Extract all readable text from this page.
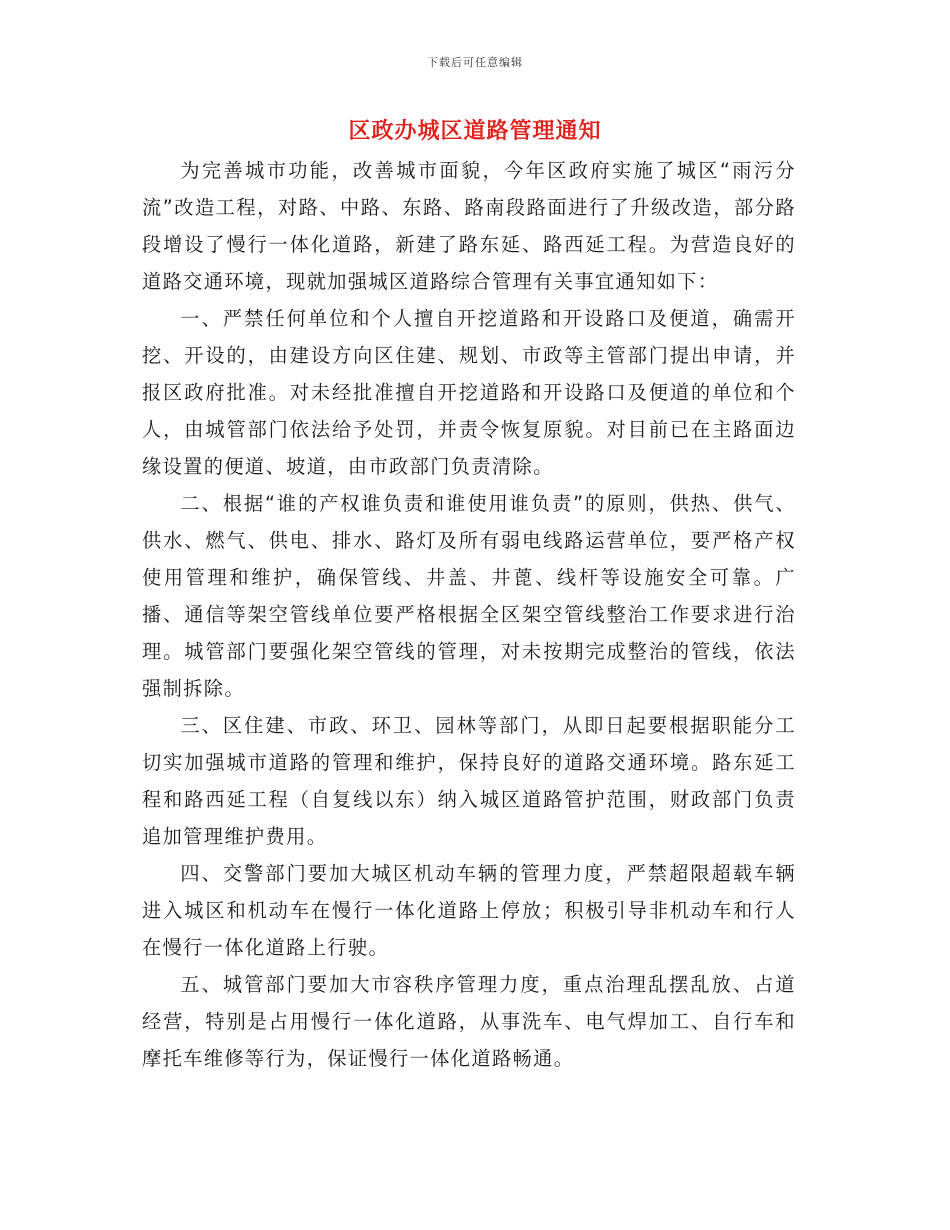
下载后可任意编辑
区政办城区道路管理通知

为完善城市功能，改善城市面貌，今年区政府实施了城区“雨污分流”改造工程，对路、中路、东路、路南段路面进行了升级改造，部分路段增设了慢行一体化道路，新建了路东延、路西延工程。为营造良好的道路交通环境，现就加强城区道路综合管理有关事宜通知如下：

一、严禁任何单位和个人擅自开挖道路和开设路口及便道，确需开挖、开设的，由建设方向区住建、规划、市政等主管部门提出申请，并报区政府批准。对未经批准擅自开挖道路和开设路口及便道的单位和个人，由城管部门依法给予处罚，并责令恢复原貌。对目前已在主路面边缘设置的便道、坡道，由市政部门负责清除。

二、根据“谁的产权谁负责和谁使用谁负责”的原则，供热、供气、供水、燃气、供电、排水、路灯及所有弱电线路运营单位，要严格产权使用管理和维护，确保管线、井盖、井蓖、线杆等设施安全可靠。广播、通信等架空管线单位要严格根据全区架空管线整治工作要求进行治理。城管部门要强化架空管线的管理，对未按期完成整治的管线，依法强制拆除。

三、区住建、市政、环卫、园林等部门，从即日起要根据职能分工切实加强城市道路的管理和维护，保持良好的道路交通环境。路东延工程和路西延工程（自复线以东）纳入城区道路管护范围，财政部门负责追加管理维护费用。

四、交警部门要加大城区机动车辆的管理力度，严禁超限超载车辆进入城区和机动车在慢行一体化道路上停放；积极引导非机动车和行人在慢行一体化道路上行驶。

五、城管部门要加大市容秩序管理力度，重点治理乱摆乱放、占道经营，特别是占用慢行一体化道路，从事洗车、电气焊加工、自行车和摩托车维修等行为，保证慢行一体化道路畅通。
